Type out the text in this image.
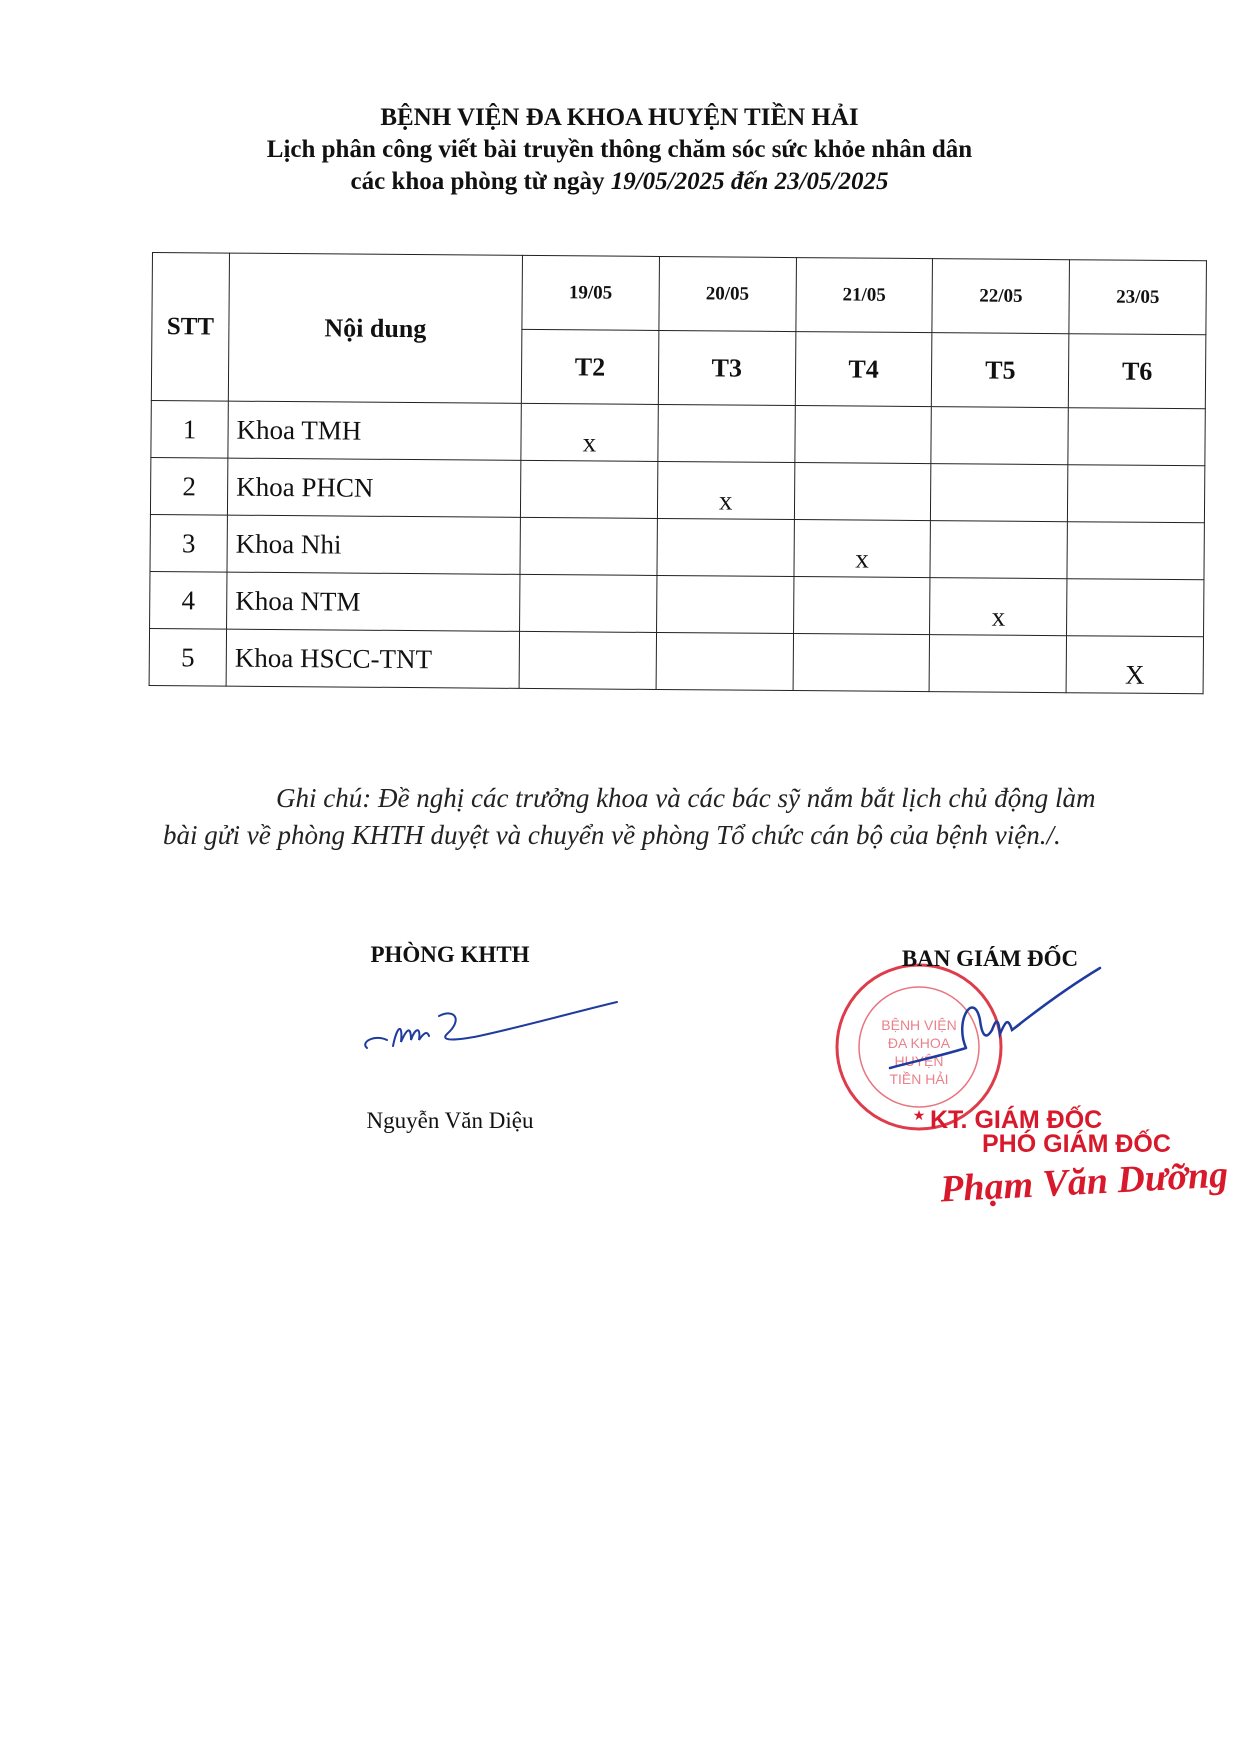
BỆNH VIỆN ĐA KHOA HUYỆN TIỀN HẢI
Lịch phân công viết bài truyền thông chăm sóc sức khỏe nhân dân
các khoa phòng từ ngày 19/05/2025 đến 23/05/2025
STT	Nội dung	19/05	20/05	21/05	22/05	23/05
		T2	T3	T4	T5	T6
1	Khoa TMH	x				
2	Khoa PHCN		x			
3	Khoa Nhi			x		
4	Khoa NTM				x	
5	Khoa HSCC-TNT					X
Ghi chú: Đề nghị các trưởng khoa và các bác sỹ nắm bắt lịch chủ động làm
bài gửi về phòng KHTH duyệt và chuyển về phòng Tổ chức cán bộ của bệnh viện./.
PHÒNG KHTH
Nguyễn Văn Diệu
BỆNH VIỆN
ĐA KHOA
HUYỆN
TIỀN HẢI
★
BAN GIÁM ĐỐC
KT. GIÁM ĐỐC
PHÓ GIÁM ĐỐC
Phạm Văn Dưỡng
